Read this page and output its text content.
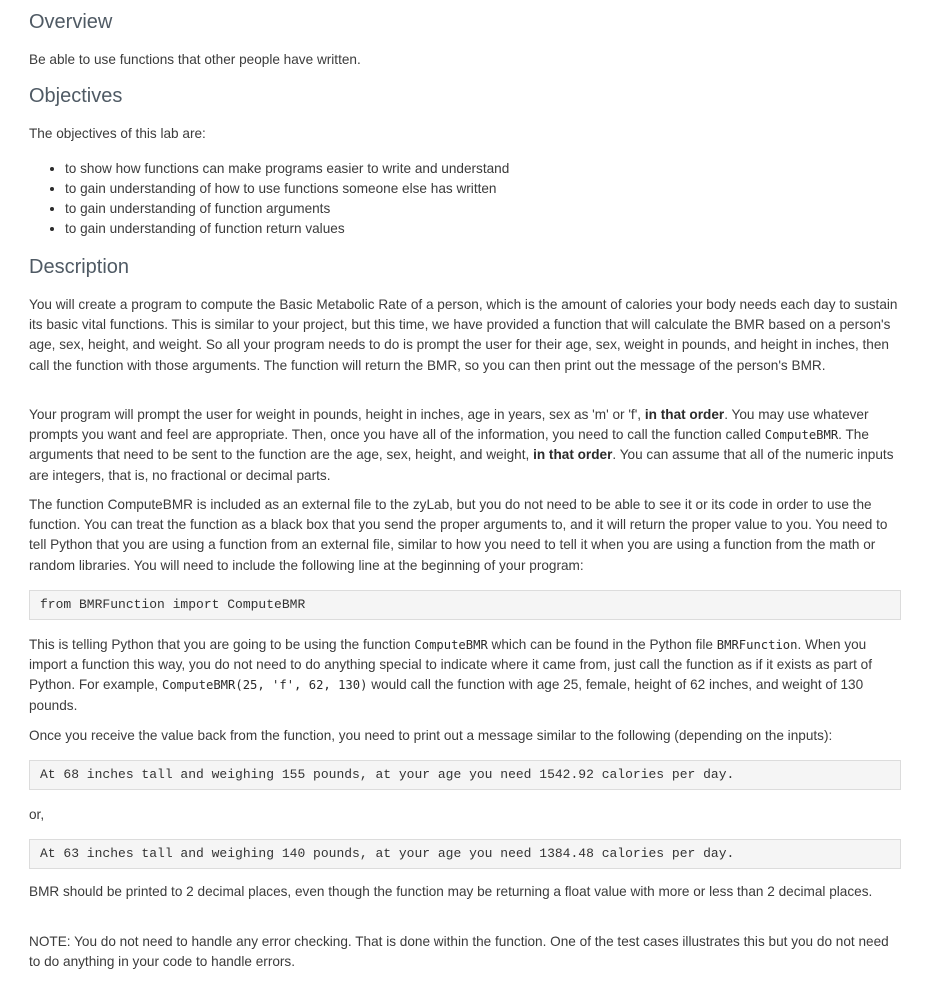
Overview

Be able to use functions that other people have written.

Objectives

The objectives of this lab are:

• to show how functions can make programs easier to write and understand
• to gain understanding of how to use functions someone else has written
• to gain understanding of function arguments
• to gain understanding of function return values
Description

You will create a program to compute the Basic Metabolic Rate of a person, which is the amount of calories your body needs each day to sustain its basic vital functions. This is similar to your project, but this time, we have provided a function that will calculate the BMR based on a person's age, sex, height, and weight. So all your program needs to do is prompt the user for their age, sex, weight in pounds, and height in inches, then call the function with those arguments. The function will return the BMR, so you can then print out the message of the person's BMR.

Your program will prompt the user for weight in pounds, height in inches, age in years, sex as 'm' or 'f', in that order. You may use whatever prompts you want and feel are appropriate. Then, once you have all of the information, you need to call the function called ComputeBMR. The arguments that need to be sent to the function are the age, sex, height, and weight, in that order. You can assume that all of the numeric inputs are integers, that is, no fractional or decimal parts.

The function ComputeBMR is included as an external file to the zyLab, but you do not need to be able to see it or its code in order to use the function. You can treat the function as a black box that you send the proper arguments to, and it will return the proper value to you. You need to tell Python that you are using a function from an external file, similar to how you need to tell it when you are using a function from the math or random libraries. You will need to include the following line at the beginning of your program:

from BMRFunction import ComputeBMR

This is telling Python that you are going to be using the function ComputeBMR which can be found in the Python file BMRFunction. When you import a function this way, you do not need to do anything special to indicate where it came from, just call the function as if it exists as part of Python. For example, ComputeBMR(25, 'f', 62, 130) would call the function with age 25, female, height of 62 inches, and weight of 130 pounds.

Once you receive the value back from the function, you need to print out a message similar to the following (depending on the inputs):

At 68 inches tall and weighing 155 pounds, at your age you need 1542.92 calories per day.

or,

At 63 inches tall and weighing 140 pounds, at your age you need 1384.48 calories per day.

BMR should be printed to 2 decimal places, even though the function may be returning a float value with more or less than 2 decimal places.

NOTE: You do not need to handle any error checking. That is done within the function. One of the test cases illustrates this but you do not need to do anything in your code to handle errors.
